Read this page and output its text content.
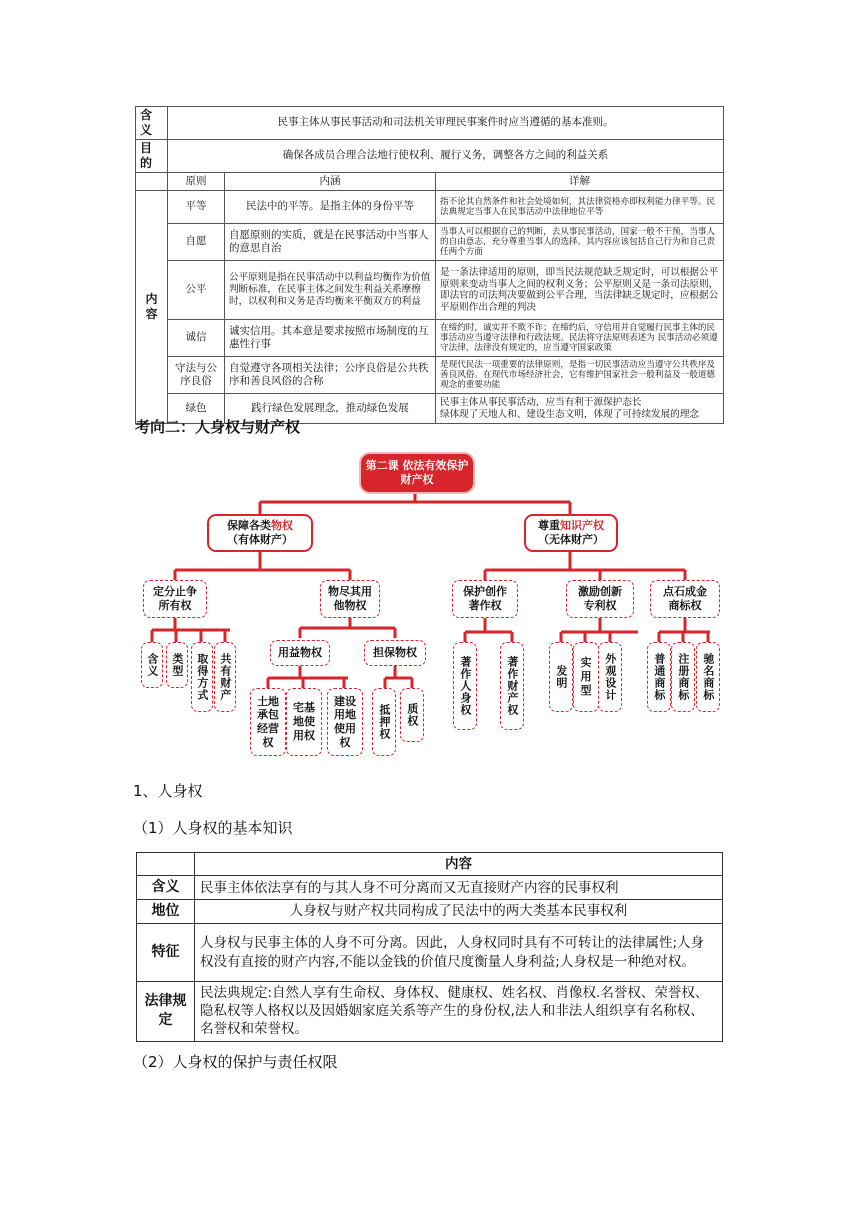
含义	民事主体从事民事活动和司法机关审理民事案件时应当遵循的基本准则。		
目的	确保各成员合理合法地行使权利、履行义务，调整各方之间的利益关系		
	原则	内涵	详解
内容	平等	民法中的平等。是指主体的身份平等	指不论其自然条件和社会处境如何，其法律资格亦即权利能力律平等。民法典规定当事人在民事活动中法律地位平等
	自愿	自愿原则的实质，就是在民事活动中当事人的意思自治	当事人可以根据自己的判断，去从事民事活动，国家一般不干预，当事人的自由意志，充分尊重当事人的选择。其内容应该包括自己行为和自己责任两个方面
	公平	公平原则是指在民事活动中以利益均衡作为价值判断标准，在民事主体之间发生利益关系摩擦时，以权利和义务是否均衡来平衡双方的利益	是一条法律适用的原则，即当民法规范缺乏规定时，可以根据公平原则来变动当事人之间的权利义务；公平原则又是一条司法原则，即法官的司法判决要做到公平合理，当法律缺乏规定时，应根据公平原则作出合理的判决
	诚信	诚实信用。其本意是要求按照市场制度的互惠性行事	在缔约时，诚实并不欺不诈；在缔约后，守信用并自觉履行民事主体的民事活动应当遵守法律和行政法规。民法将守法原则表述为 民事活动必须遵守法律，法律没有规定的，应当遵守国家政策
	守法与公序良俗	自觉遵守各项相关法律；公序良俗是公共秩序和善良风俗的合称	是现代民法一项重要的法律原则，是指一切民事活动应当遵守公共秩序及善良风俗。在现代市场经济社会，它有维护国家社会一般利益及一般道德观念的重要功能
	绿色	践行绿色发展理念，推动绿色发展	民事主体从事民事活动，应当有利于源保护态长
绿体现了天地人和、建设生态文明，体现了可持续发展的理念
考向二：人身权与财产权
第二课 依法有效保护财产权
保障各类物权
（有体财产）
尊重知识产权
（无体财产）
定分止争所有权
物尽其用他物权
保护创作著作权
激励创新专利权
点石成金商标权
含义	类型	取得方式 共有财产
用益物权	担保物权
土地承包经营权
宅基地使用权
建设用地使用权
抵押权	质权	著作人身权	著作财产权	发明
实用型	外观设计	普通商标	注册商标	驰名商标
1、人身权
（1）人身权的基本知识
	内容
含义	民事主体依法享有的与其人身不可分离而又无直接财产内容的民事权利
地位	人身权与财产权共同构成了民法中的两大类基本民事权利
特征	人身权与民事主体的人身不可分离。因此，人身权同时具有不可转让的法律属性;人身权没有直接的财产内容,不能以金钱的价值尺度衡量人身利益;人身权是一种绝对权。
法律规定	民法典规定:自然人享有生命权、身体权、健康权、姓名权、肖像权.名誉权、荣誉权、隐私权等人格权以及因婚姻家庭关系等产生的身份权,法人和非法人组织享有名称权、名誉权和荣誉权。
（2）人身权的保护与责任权限
